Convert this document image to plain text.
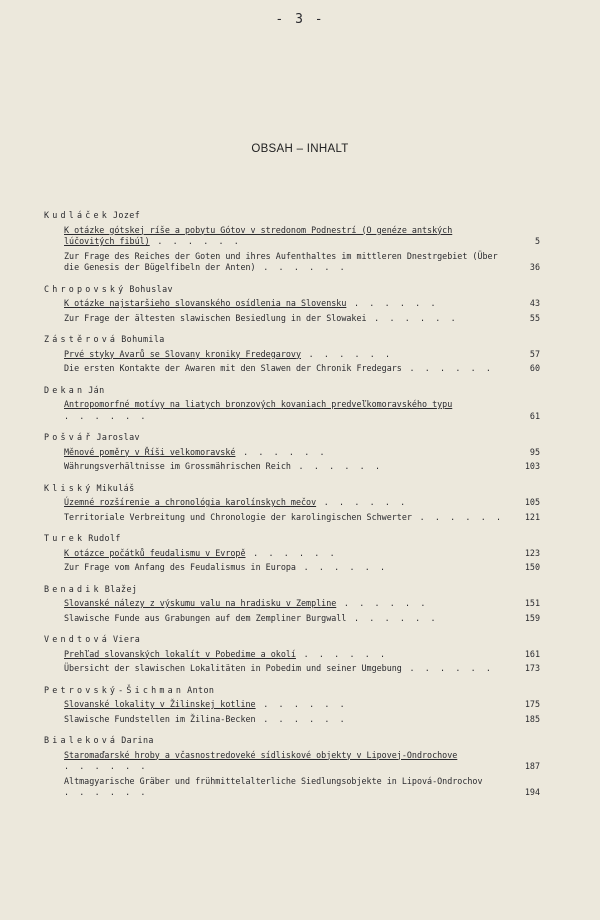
- 3 -
OBSAH – INHALT
Kudláček Jozef
K otázke gótskej ríše a pobytu Gótov v stredonom Podnestrí (O genéze antských lúčovitých fibúl) . . . . . .	5
Zur Frage des Reiches der Goten und ihres Aufenthaltes im mittleren Dnestrgebiet (Über die Genesis der Bügelfibeln der Anten) . . . . . .	36
Chropovský Bohuslav
K otázke najstaršieho slovanského osídlenia na Slovensku . . . . . .	43
Zur Frage der ältesten slawischen Besiedlung in der Slowakei . . . . . .	55
Zástěrová Bohumila
Prvé styky Avarů se Slovany kroniky Fredegarovy . . . . . .	57
Die ersten Kontakte der Awaren mit den Slawen der Chronik Fredegars . . . . . .	60
Dekan Ján
Antropomorfné motívy na liatych bronzových kovaniach predveľkomoravského typu . . . . . .	61
Pošvář Jaroslav
Měnové poměry v Říši velkomoravské . . . . . .	95
Währungsverhältnisse im Grossmährischen Reich . . . . . .	103
Kliský Mikuláš
Územné rozšírenie a chronológia karolínskych mečov . . . . . .	105
Territoriale Verbreitung und Chronologie der karolingischen Schwerter . . . . . .	121
Turek Rudolf
K otázce počátků feudalismu v Evropě . . . . . .	123
Zur Frage vom Anfang des Feudalismus in Europa . . . . . .	150
Benadik Blažej
Slovanské nálezy z výskumu valu na hradisku v Zempline . . . . . .	151
Slawische Funde aus Grabungen auf dem Zempliner Burgwall . . . . . .	159
Vendtová Viera
Prehľad slovanských lokalít v Pobedime a okolí . . . . . .	161
Übersicht der slawischen Lokalitäten in Pobedim und seiner Umgebung . . . . . .	173
Petrovský-Šichman Anton
Slovanské lokality v Žilinskej kotline . . . . . .	175
Slawische Fundstellen im Žilina-Becken . . . . . .	185
Bialeková Darina
Staromaďarské hroby a včasnostredoveké sídliskové objekty v Lipovej-Ondrochove . . . . . .	187
Altmagyarische Gräber und frühmittelalterliche Siedlungsobjekte in Lipová-Ondrochov . . . . . .	194
